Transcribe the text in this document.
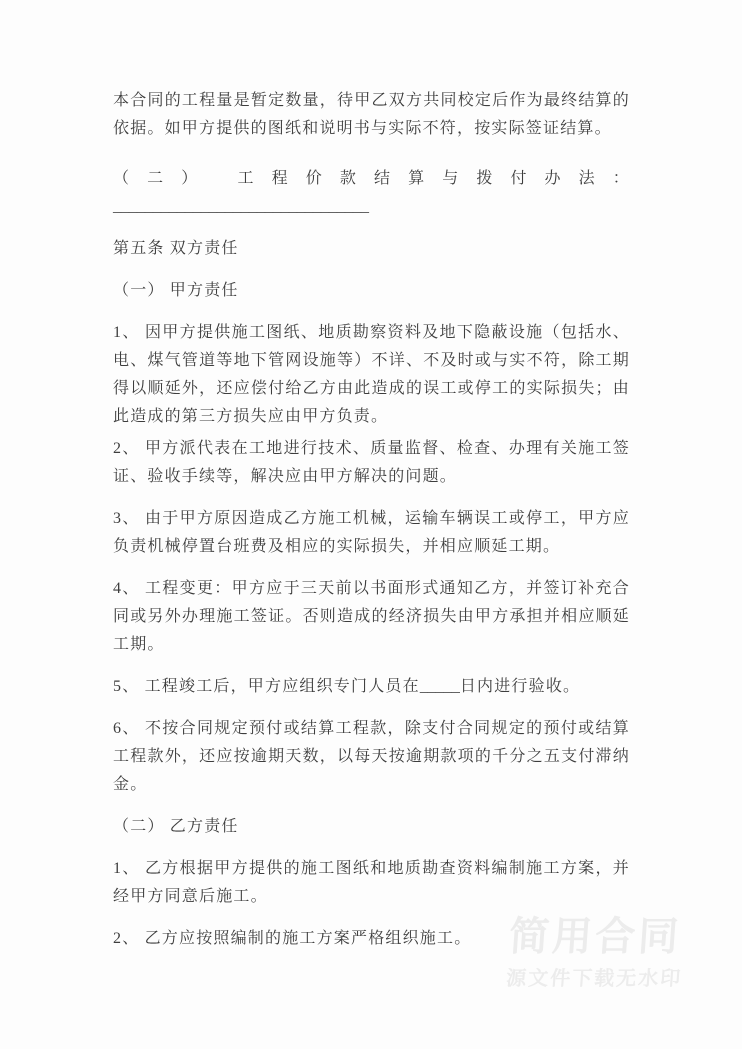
本合同的工程量是暂定数量，待甲乙双方共同校定后作为最终结算的依据。如甲方提供的图纸和说明书与实际不符，按实际签证结算。

（二） 工程价款结算与拨付办法：________________________________

第五条 双方责任

（一） 甲方责任

1、 因甲方提供施工图纸、地质勘察资料及地下隐蔽设施（包括水、电、煤气管道等地下管网设施等）不详、不及时或与实不符，除工期得以顺延外，还应偿付给乙方由此造成的误工或停工的实际损失；由此造成的第三方损失应由甲方负责。

2、 甲方派代表在工地进行技术、质量监督、检查、办理有关施工签证、验收手续等，解决应由甲方解决的问题。

3、 由于甲方原因造成乙方施工机械，运输车辆误工或停工，甲方应负责机械停置台班费及相应的实际损失，并相应顺延工期。

4、 工程变更：甲方应于三天前以书面形式通知乙方，并签订补充合同或另外办理施工签证。否则造成的经济损失由甲方承担并相应顺延工期。

5、 工程竣工后，甲方应组织专门人员在_____日内进行验收。

6、 不按合同规定预付或结算工程款，除支付合同规定的预付或结算工程款外，还应按逾期天数，以每天按逾期款项的千分之五支付滞纳金。

（二） 乙方责任

1、 乙方根据甲方提供的施工图纸和地质勘查资料编制施工方案，并经甲方同意后施工。

2、 乙方应按照编制的施工方案严格组织施工。 简用合同
源文件下载无水印
